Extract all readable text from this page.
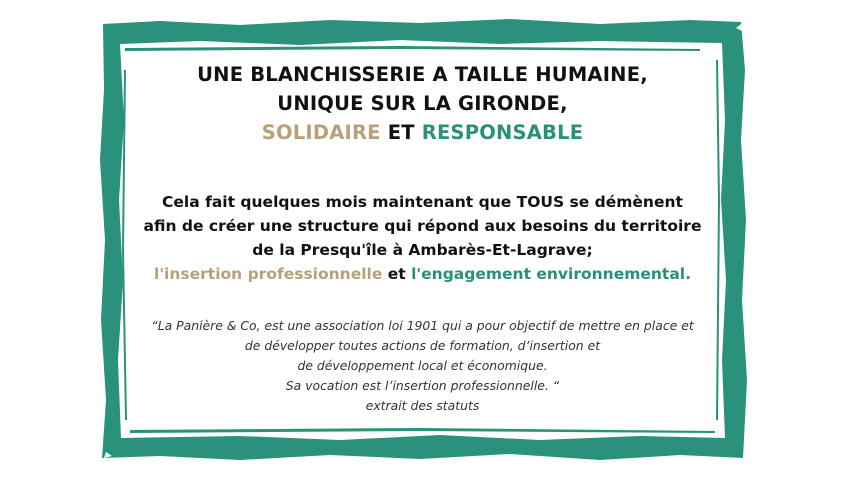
UNE BLANCHISSERIE A TAILLE HUMAINE,
UNIQUE SUR LA GIRONDE,
SOLIDAIRE ET RESPONSABLE
Cela fait quelques mois maintenant que TOUS se démènent
afin de créer une structure qui répond aux besoins du territoire
de la Presqu'île à Ambarès-Et-Lagrave;
l'insertion professionnelle et l'engagement environnemental.
“La Panière & Co, est une association loi 1901 qui a pour objectif de mettre en place et
de développer toutes actions de formation, d’insertion et
de développement local et économique.
Sa vocation est l’insertion professionnelle. “
extrait des statuts
